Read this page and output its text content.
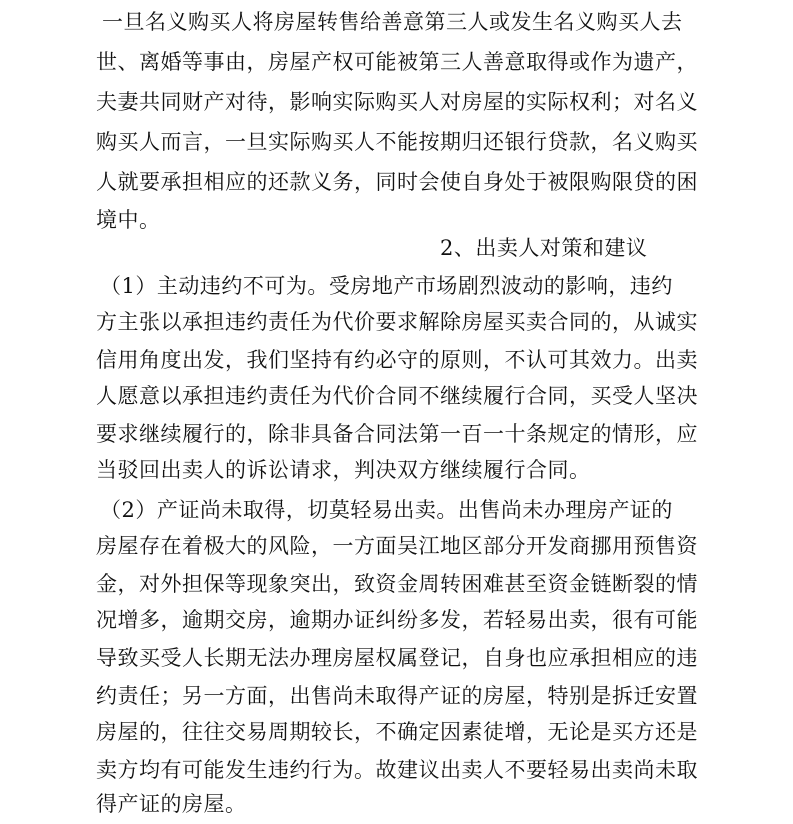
一旦名义购买人将房屋转售给善意第三人或发生名义购买人去
世、离婚等事由，房屋产权可能被第三人善意取得或作为遗产，
夫妻共同财产对待，影响实际购买人对房屋的实际权利；对名义
购买人而言，一旦实际购买人不能按期归还银行贷款，名义购买
人就要承担相应的还款义务，同时会使自身处于被限购限贷的困
境中。
2、出卖人对策和建议
（1）主动违约不可为。受房地产市场剧烈波动的影响，违约
方主张以承担违约责任为代价要求解除房屋买卖合同的，从诚实
信用角度出发，我们坚持有约必守的原则，不认可其效力。出卖
人愿意以承担违约责任为代价合同不继续履行合同，买受人坚决
要求继续履行的，除非具备合同法第一百一十条规定的情形，应
当驳回出卖人的诉讼请求，判决双方继续履行合同。
（2）产证尚未取得，切莫轻易出卖。出售尚未办理房产证的
房屋存在着极大的风险，一方面吴江地区部分开发商挪用预售资
金，对外担保等现象突出，致资金周转困难甚至资金链断裂的情
况增多，逾期交房，逾期办证纠纷多发，若轻易出卖，很有可能
导致买受人长期无法办理房屋权属登记，自身也应承担相应的违
约责任；另一方面，出售尚未取得产证的房屋，特别是拆迁安置
房屋的，往往交易周期较长，不确定因素徒增，无论是买方还是
卖方均有可能发生违约行为。故建议出卖人不要轻易出卖尚未取
得产证的房屋。
